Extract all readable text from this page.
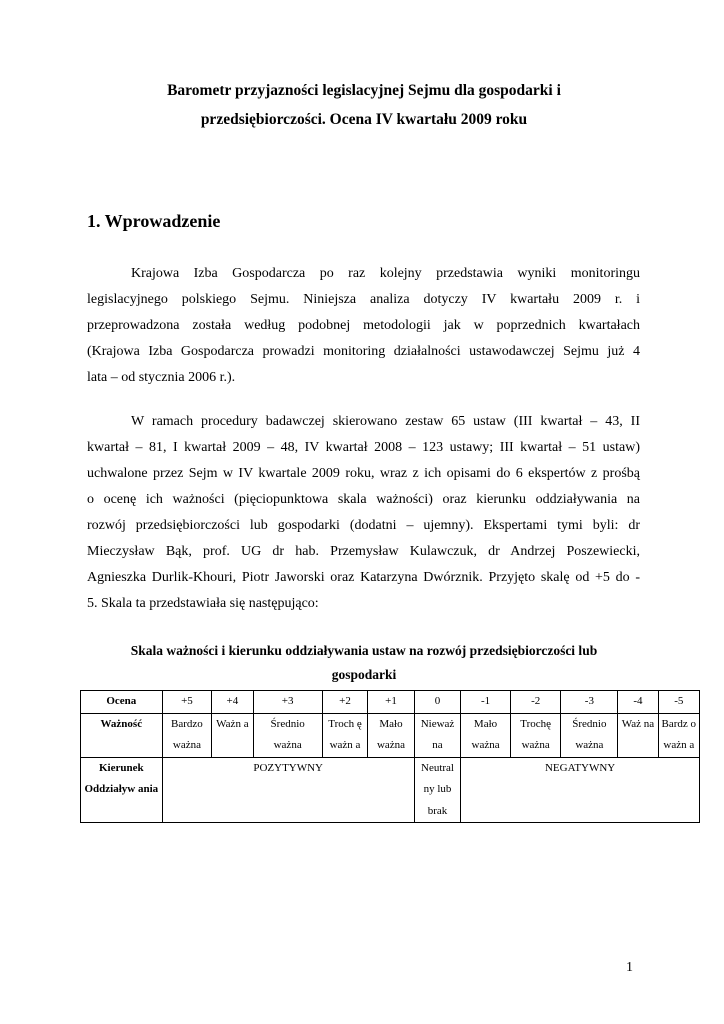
Barometr przyjazności legislacyjnej Sejmu dla gospodarki i
przedsiębiorczości. Ocena IV kwartału 2009 roku
1. Wprowadzenie

Krajowa Izba Gospodarcza po raz kolejny przedstawia wyniki monitoringu
legislacyjnego polskiego Sejmu. Niniejsza analiza dotyczy IV kwartału 2009 r. i
przeprowadzona została według podobnej metodologii jak w poprzednich kwartałach
(Krajowa Izba Gospodarcza prowadzi monitoring działalności ustawodawczej Sejmu już 4
lata – od stycznia 2006 r.).

W ramach procedury badawczej skierowano zestaw 65 ustaw (III kwartał – 43, II
kwartał – 81, I kwartał 2009 – 48, IV kwartał 2008 – 123 ustawy; III kwartał – 51 ustaw)
uchwalone przez Sejm w IV kwartale 2009 roku, wraz z ich opisami do 6 ekspertów z prośbą
o ocenę ich ważności (pięciopunktowa skala ważności) oraz kierunku oddziaływania na
rozwój przedsiębiorczości lub gospodarki (dodatni – ujemny). Ekspertami tymi byli: dr
Mieczysław Bąk, prof. UG dr hab. Przemysław Kulawczuk, dr Andrzej Poszewiecki,
Agnieszka Durlik-Khouri, Piotr Jaworski oraz Katarzyna Dwórznik. Przyjęto skalę od +5 do -
5. Skala ta przedstawiała się następująco:

Skala ważności i kierunku oddziaływania ustaw na rozwój przedsiębiorczości lub
gospodarki
Ocena	+5	+4	+3	+2	+1	0	-1	-2	-3	-4	-5
Ważność	Bardzo ważna	Ważn a	Średnio ważna	Troch ę ważn a	Mało ważna	Nieważ na	Mało ważna	Trochę ważna	Średnio ważna	Waż na	Bardz o ważn a
Kierunek Oddziaływ ania	POZYTYWNY					Neutral ny lub brak	NEGATYWNY				
1
